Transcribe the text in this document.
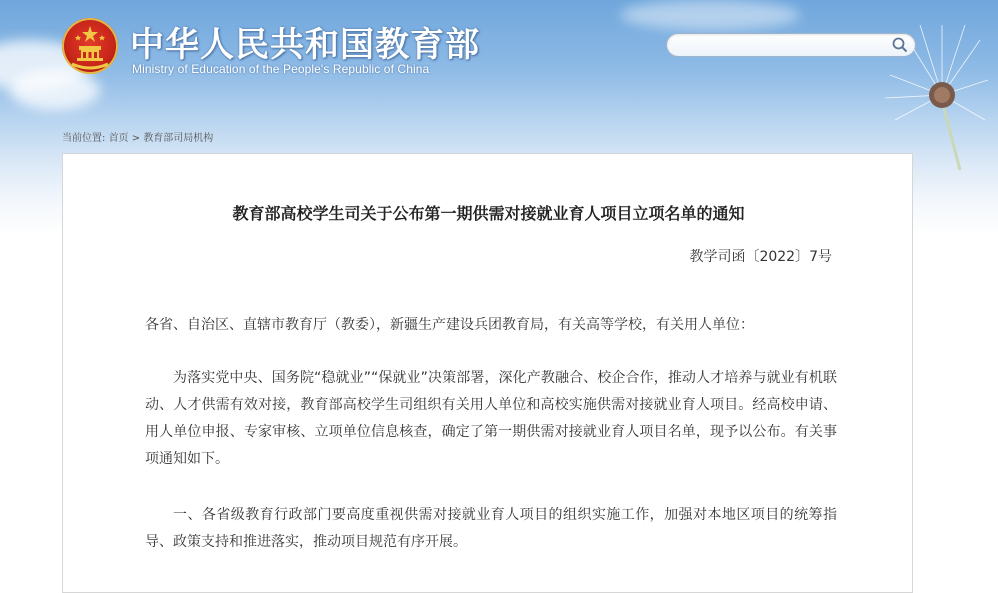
中华人民共和国教育部

Ministry of Education of the People's Republic of China

当前位置: 首页 > 教育部司局机构
教育部高校学生司关于公布第一期供需对接就业育人项目立项名单的通知
教学司函〔2022〕7号

各省、自治区、直辖市教育厅（教委），新疆生产建设兵团教育局，有关高等学校，有关用人单位：

为落实党中央、国务院“稳就业”“保就业”决策部署，深化产教融合、校企合作，推动人才培养与就业有机联动、人才供需有效对接，教育部高校学生司组织有关用人单位和高校实施供需对接就业育人项目。经高校申请、用人单位申报、专家审核、立项单位信息核查，确定了第一期供需对接就业育人项目名单，现予以公布。有关事项通知如下。

一、各省级教育行政部门要高度重视供需对接就业育人项目的组织实施工作，加强对本地区项目的统筹指导、政策支持和推进落实，推动项目规范有序开展。
